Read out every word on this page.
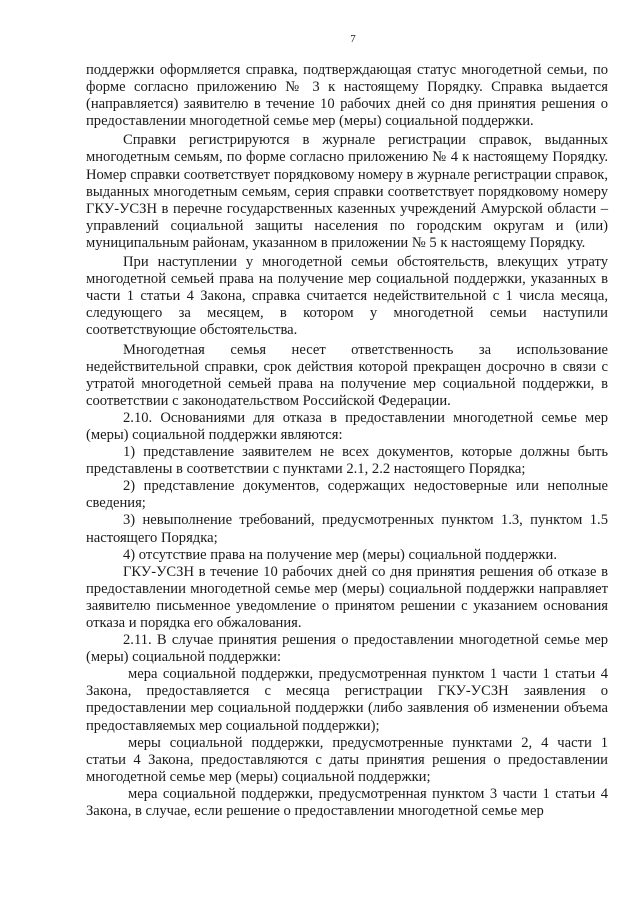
7

поддержки оформляется справка, подтверждающая статус многодетной семьи, по форме согласно приложению № 3 к настоящему Порядку. Справка выдается (направляется) заявителю в течение 10 рабочих дней со дня принятия решения о предоставлении многодетной семье мер (меры) социальной поддержки.

Справки регистрируются в журнале регистрации справок, выданных многодетным семьям, по форме согласно приложению № 4 к настоящему Порядку. Номер справки соответствует порядковому номеру в журнале регистрации справок, выданных многодетным семьям, серия справки соответствует порядковому номеру ГКУ-УСЗН в перечне государственных казенных учреждений Амурской области – управлений социальной защиты населения по городским округам и (или) муниципальным районам, указанном в приложении № 5 к настоящему Порядку.

При наступлении у многодетной семьи обстоятельств, влекущих утрату многодетной семьей права на получение мер социальной поддержки, указанных в части 1 статьи 4 Закона, справка считается недействительной с 1 числа месяца, следующего за месяцем, в котором у многодетной семьи наступили соответствующие обстоятельства.

Многодетная семья несет ответственность за использование недействительной справки, срок действия которой прекращен досрочно в связи с утратой многодетной семьей права на получение мер социальной поддержки, в соответствии с законодательством Российской Федерации.

2.10. Основаниями для отказа в предоставлении многодетной семье мер (меры) социальной поддержки являются:

1) представление заявителем не всех документов, которые должны быть представлены в соответствии с пунктами 2.1, 2.2 настоящего Порядка;

2) представление документов, содержащих недостоверные или неполные сведения;

3) невыполнение требований, предусмотренных пунктом 1.3, пунктом 1.5 настоящего Порядка;

4) отсутствие права на получение мер (меры) социальной поддержки.

ГКУ-УСЗН в течение 10 рабочих дней со дня принятия решения об отказе в предоставлении многодетной семье мер (меры) социальной поддержки направляет заявителю письменное уведомление о принятом решении с указанием основания отказа и порядка его обжалования.

2.11. В случае принятия решения о предоставлении многодетной семье мер (меры) социальной поддержки:

мера социальной поддержки, предусмотренная пунктом 1 части 1 статьи 4 Закона, предоставляется с месяца регистрации ГКУ-УСЗН заявления о предоставлении мер социальной поддержки (либо заявления об изменении объема предоставляемых мер социальной поддержки);

меры социальной поддержки, предусмотренные пунктами 2, 4 части 1 статьи 4 Закона, предоставляются с даты принятия решения о предоставлении многодетной семье мер (меры) социальной поддержки;

мера социальной поддержки, предусмотренная пунктом 3 части 1 статьи 4 Закона, в случае, если решение о предоставлении многодетной семье мер
